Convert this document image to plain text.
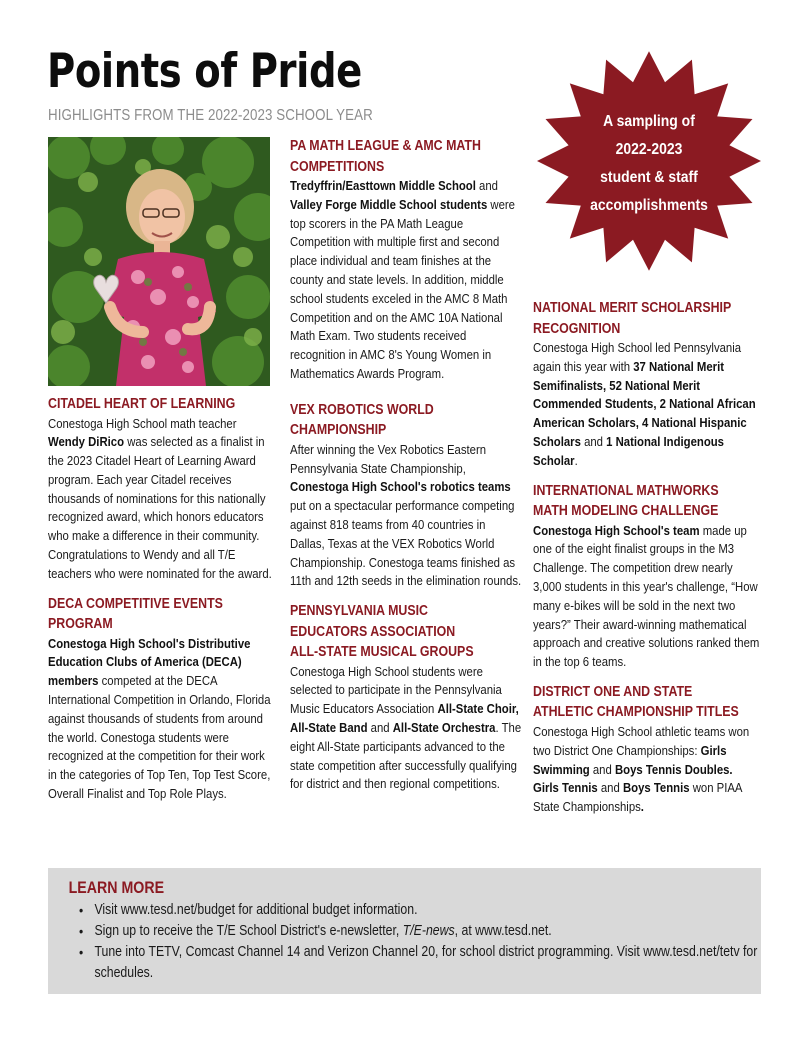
Points of Pride
HIGHLIGHTS FROM THE 2022-2023 SCHOOL YEAR	A sampling of
2022-2023
student & staff
accomplishments
CITADEL HEART OF LEARNING

Conestoga High School math teacher Wendy DiRico was selected as a finalist in the 2023 Citadel Heart of Learning Award program. Each year Citadel receives thousands of nominations for this nationally recognized award, which honors educators who make a difference in their community. Congratulations to Wendy and all T/E teachers who were nominated for the award.

DECA COMPETITIVE EVENTS
PROGRAM

Conestoga High School's Distributive Education Clubs of America (DECA) members competed at the DECA International Competition in Orlando, Florida against thousands of students from around the world. Conestoga students were recognized at the competition for their work in the categories of Top Ten, Top Test Score, Overall Finalist and Top Role Plays.

PA MATH LEAGUE & AMC MATH
COMPETITIONS

Tredyffrin/Easttown Middle School and Valley Forge Middle School students were top scorers in the PA Math League Competition with multiple first and second place individual and team finishes at the county and state levels. In addition, middle school students exceled in the AMC 8 Math Competition and on the AMC 10A National Math Exam. Two students received recognition in AMC 8's Young Women in Mathematics Awards Program.

VEX ROBOTICS WORLD
CHAMPIONSHIP

After winning the Vex Robotics Eastern Pennsylvania State Championship, Conestoga High School's robotics teams put on a spectacular performance competing against 818 teams from 40 countries in Dallas, Texas at the VEX Robotics World Championship. Conestoga teams finished as 11th and 12th seeds in the elimination rounds.

PENNSYLVANIA MUSIC
EDUCATORS ASSOCIATION
ALL-STATE MUSICAL GROUPS

Conestoga High School students were selected to participate in the Pennsylvania Music Educators Association All-State Choir, All-State Band and All-State Orchestra. The eight All-State participants advanced to the state competition after successfully qualifying for district and then regional competitions.

NATIONAL MERIT SCHOLARSHIP
RECOGNITION

Conestoga High School led Pennsylvania again this year with 37 National Merit Semifinalists, 52 National Merit Commended Students, 2 National African American Scholars, 4 National Hispanic Scholars and 1 National Indigenous Scholar.

INTERNATIONAL MATHWORKS
MATH MODELING CHALLENGE

Conestoga High School's team made up one of the eight finalist groups in the M3 Challenge. The competition drew nearly 3,000 students in this year's challenge, “How many e-bikes will be sold in the next two years?” Their award-winning mathematical approach and creative solutions ranked them in the top 6 teams.

DISTRICT ONE AND STATE
ATHLETIC CHAMPIONSHIP TITLES

Conestoga High School athletic teams won two District One Championships: Girls Swimming and Boys Tennis Doubles. Girls Tennis and Boys Tennis won PIAA State Championships.

LEARN MORE
• Visit www.tesd.net/budget for additional budget information.
• Sign up to receive the T/E School District's e-newsletter, T/E-news, at www.tesd.net.
• Tune into TETV, Comcast Channel 14 and Verizon Channel 20, for school district programming. Visit www.tesd.net/tetv for schedules.
